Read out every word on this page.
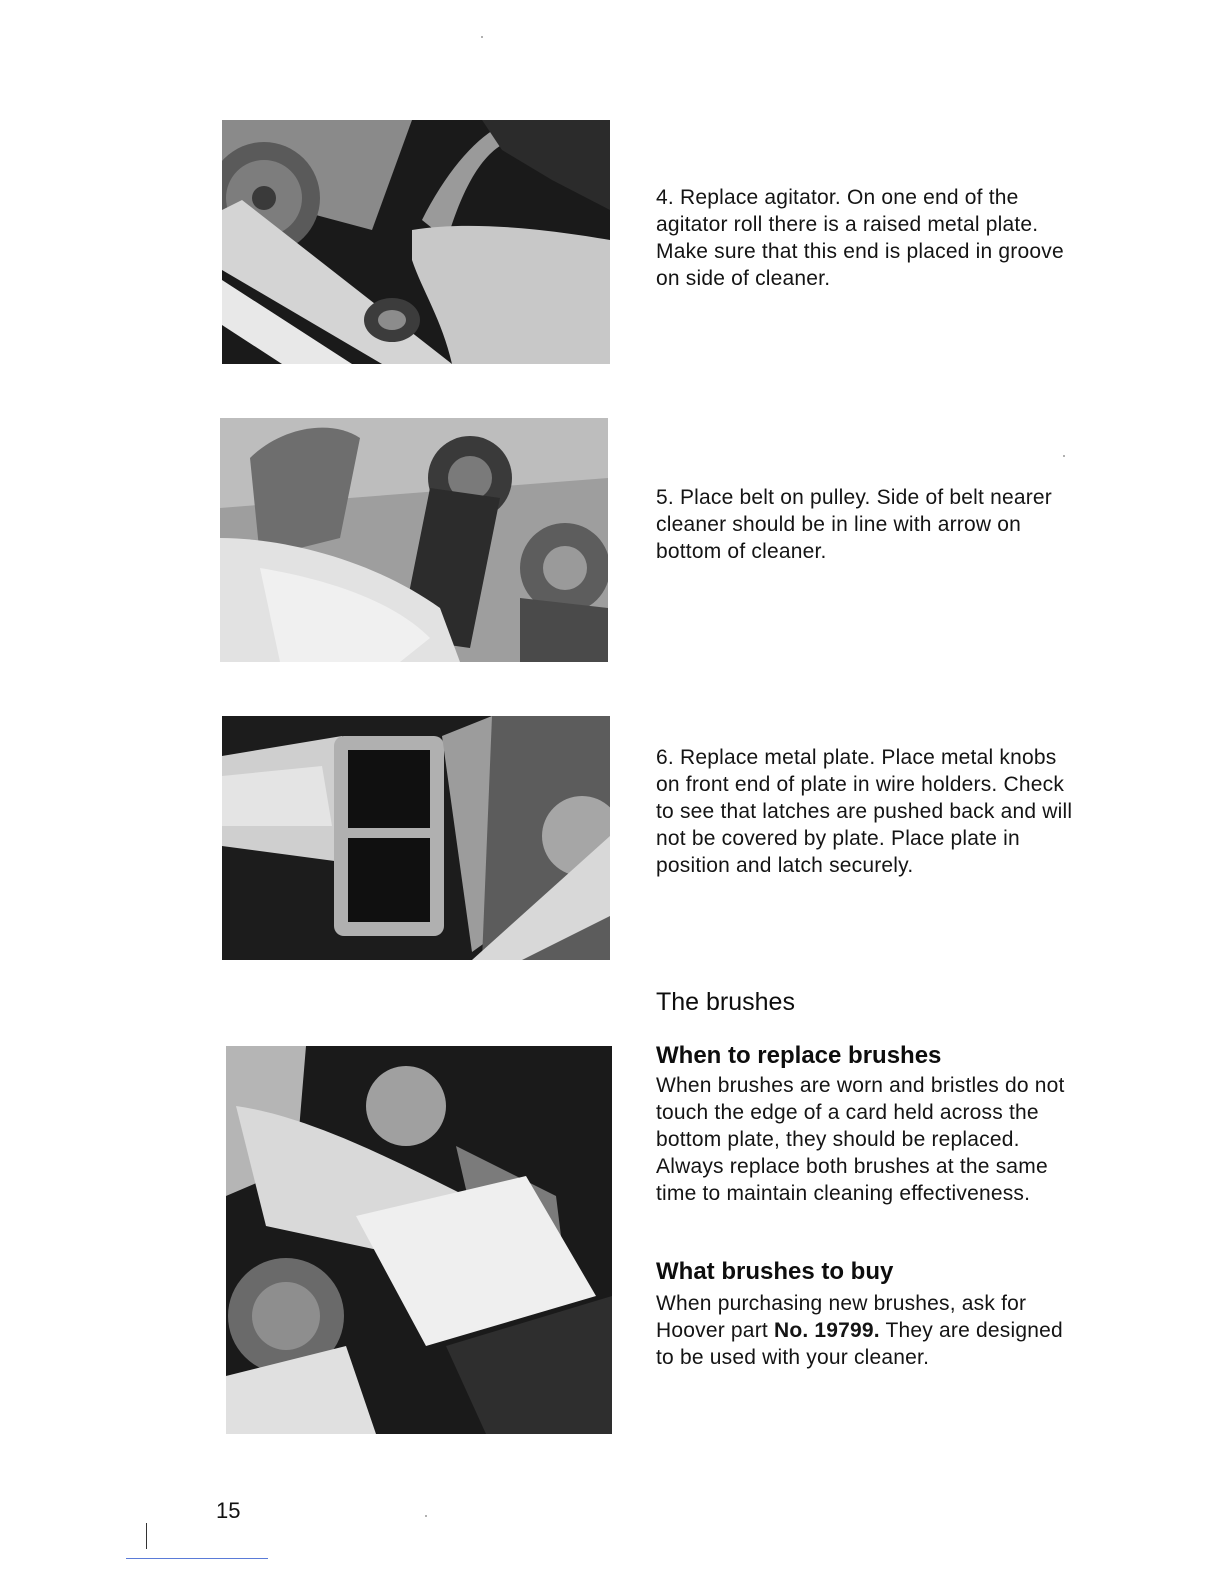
4. Replace agitator. On one end of the agitator roll there is a raised metal plate. Make sure that this end is placed in groove on side of cleaner.

5. Place belt on pulley. Side of belt nearer cleaner should be in line with arrow on bottom of cleaner.

6. Replace metal plate. Place metal knobs on front end of plate in wire holders. Check to see that latches are pushed back and will not be covered by plate. Place plate in position and latch securely.

The brushes
When to replace brushes

When brushes are worn and bristles do not touch the edge of a card held across the bottom plate, they should be replaced. Always replace both brushes at the same time to maintain cleaning effectiveness.

What brushes to buy

When purchasing new brushes, ask for Hoover part No. 19799. They are designed to be used with your cleaner.

15
